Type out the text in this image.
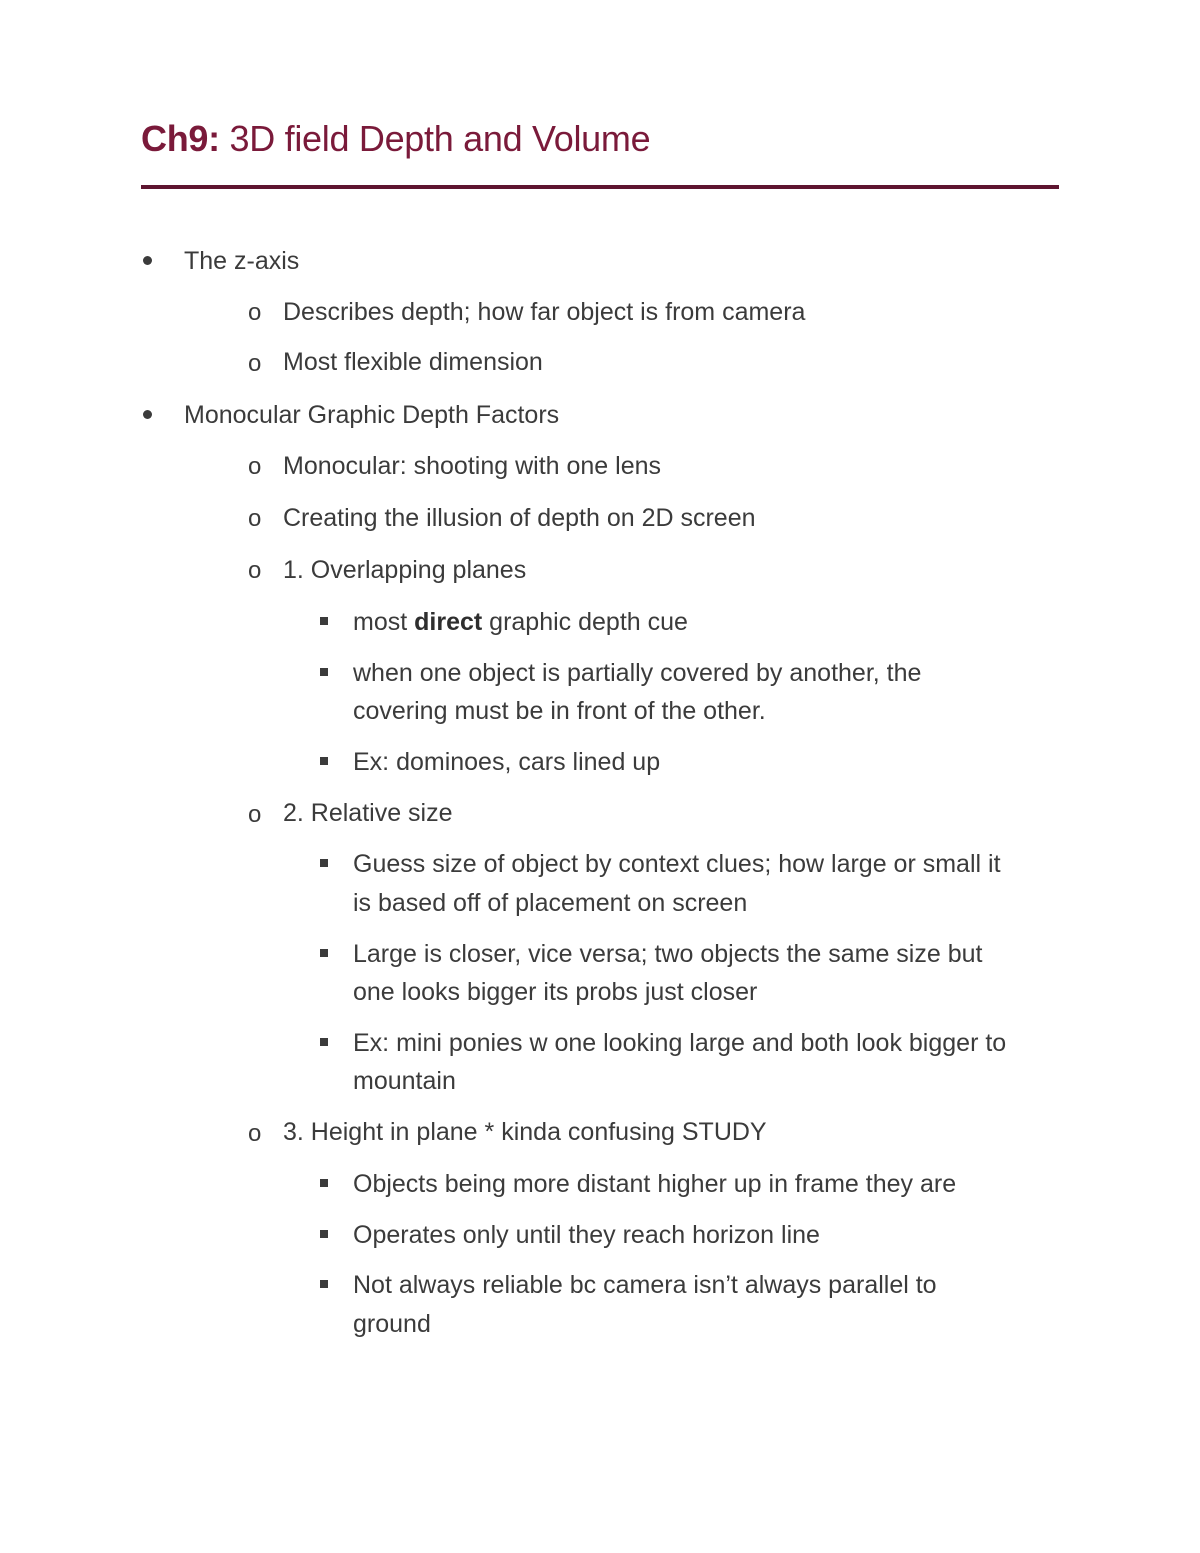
Ch9: 3D field Depth and Volume
The z-axis
o Describes depth; how far object is from camera
o Most flexible dimension
Monocular Graphic Depth Factors
o Monocular: shooting with one lens
o Creating the illusion of depth on 2D screen
o 1. Overlapping planes
most direct graphic depth cue
when one object is partially covered by another, the
covering must be in front of the other.
Ex: dominoes, cars lined up
o 2. Relative size
Guess size of object by context clues; how large or small it
is based off of placement on screen
Large is closer, vice versa; two objects the same size but
one looks bigger its probs just closer
Ex: mini ponies w one looking large and both look bigger to
mountain
o 3. Height in plane * kinda confusing STUDY
Objects being more distant higher up in frame they are
Operates only until they reach horizon line
Not always reliable bc camera isn’t always parallel to
ground
